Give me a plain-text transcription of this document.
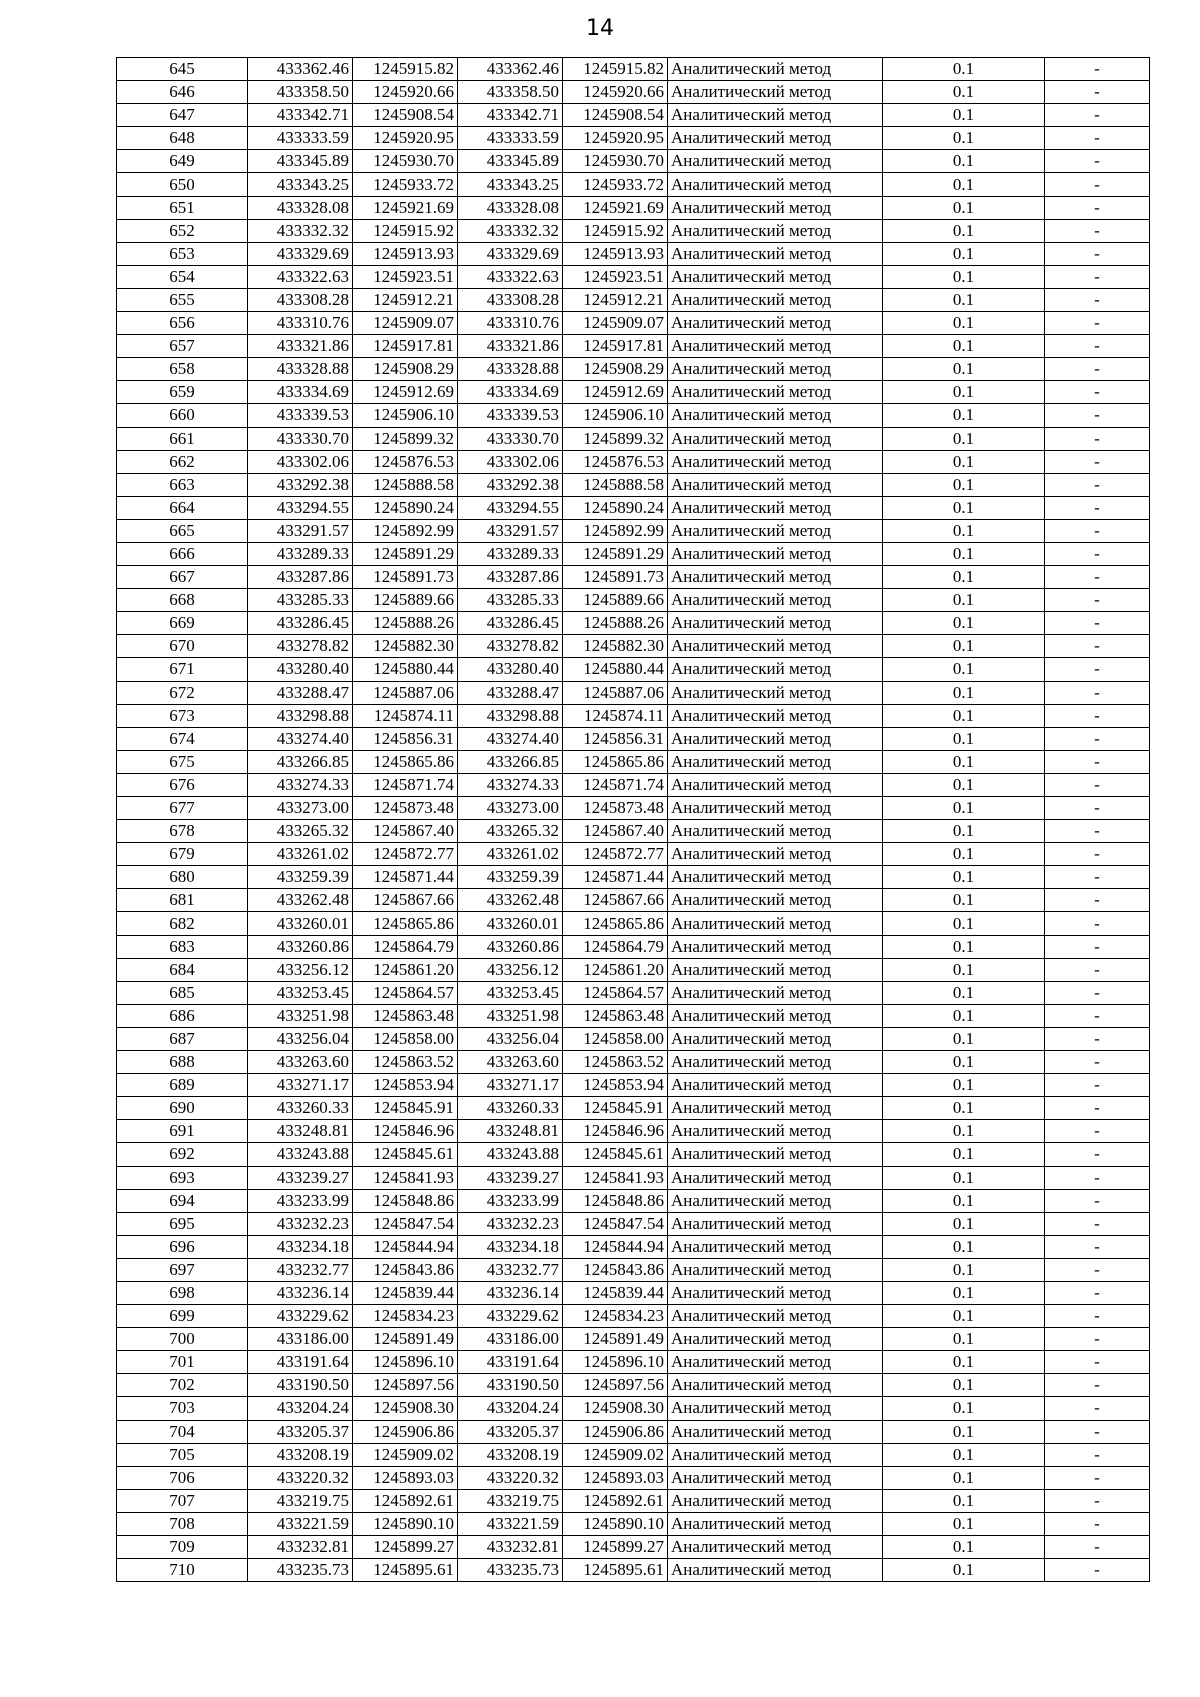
14
645	433362.46	1245915.82	433362.46	1245915.82	Аналитический метод	0.1	-
646	433358.50	1245920.66	433358.50	1245920.66	Аналитический метод	0.1	-
647	433342.71	1245908.54	433342.71	1245908.54	Аналитический метод	0.1	-
648	433333.59	1245920.95	433333.59	1245920.95	Аналитический метод	0.1	-
649	433345.89	1245930.70	433345.89	1245930.70	Аналитический метод	0.1	-
650	433343.25	1245933.72	433343.25	1245933.72	Аналитический метод	0.1	-
651	433328.08	1245921.69	433328.08	1245921.69	Аналитический метод	0.1	-
652	433332.32	1245915.92	433332.32	1245915.92	Аналитический метод	0.1	-
653	433329.69	1245913.93	433329.69	1245913.93	Аналитический метод	0.1	-
654	433322.63	1245923.51	433322.63	1245923.51	Аналитический метод	0.1	-
655	433308.28	1245912.21	433308.28	1245912.21	Аналитический метод	0.1	-
656	433310.76	1245909.07	433310.76	1245909.07	Аналитический метод	0.1	-
657	433321.86	1245917.81	433321.86	1245917.81	Аналитический метод	0.1	-
658	433328.88	1245908.29	433328.88	1245908.29	Аналитический метод	0.1	-
659	433334.69	1245912.69	433334.69	1245912.69	Аналитический метод	0.1	-
660	433339.53	1245906.10	433339.53	1245906.10	Аналитический метод	0.1	-
661	433330.70	1245899.32	433330.70	1245899.32	Аналитический метод	0.1	-
662	433302.06	1245876.53	433302.06	1245876.53	Аналитический метод	0.1	-
663	433292.38	1245888.58	433292.38	1245888.58	Аналитический метод	0.1	-
664	433294.55	1245890.24	433294.55	1245890.24	Аналитический метод	0.1	-
665	433291.57	1245892.99	433291.57	1245892.99	Аналитический метод	0.1	-
666	433289.33	1245891.29	433289.33	1245891.29	Аналитический метод	0.1	-
667	433287.86	1245891.73	433287.86	1245891.73	Аналитический метод	0.1	-
668	433285.33	1245889.66	433285.33	1245889.66	Аналитический метод	0.1	-
669	433286.45	1245888.26	433286.45	1245888.26	Аналитический метод	0.1	-
670	433278.82	1245882.30	433278.82	1245882.30	Аналитический метод	0.1	-
671	433280.40	1245880.44	433280.40	1245880.44	Аналитический метод	0.1	-
672	433288.47	1245887.06	433288.47	1245887.06	Аналитический метод	0.1	-
673	433298.88	1245874.11	433298.88	1245874.11	Аналитический метод	0.1	-
674	433274.40	1245856.31	433274.40	1245856.31	Аналитический метод	0.1	-
675	433266.85	1245865.86	433266.85	1245865.86	Аналитический метод	0.1	-
676	433274.33	1245871.74	433274.33	1245871.74	Аналитический метод	0.1	-
677	433273.00	1245873.48	433273.00	1245873.48	Аналитический метод	0.1	-
678	433265.32	1245867.40	433265.32	1245867.40	Аналитический метод	0.1	-
679	433261.02	1245872.77	433261.02	1245872.77	Аналитический метод	0.1	-
680	433259.39	1245871.44	433259.39	1245871.44	Аналитический метод	0.1	-
681	433262.48	1245867.66	433262.48	1245867.66	Аналитический метод	0.1	-
682	433260.01	1245865.86	433260.01	1245865.86	Аналитический метод	0.1	-
683	433260.86	1245864.79	433260.86	1245864.79	Аналитический метод	0.1	-
684	433256.12	1245861.20	433256.12	1245861.20	Аналитический метод	0.1	-
685	433253.45	1245864.57	433253.45	1245864.57	Аналитический метод	0.1	-
686	433251.98	1245863.48	433251.98	1245863.48	Аналитический метод	0.1	-
687	433256.04	1245858.00	433256.04	1245858.00	Аналитический метод	0.1	-
688	433263.60	1245863.52	433263.60	1245863.52	Аналитический метод	0.1	-
689	433271.17	1245853.94	433271.17	1245853.94	Аналитический метод	0.1	-
690	433260.33	1245845.91	433260.33	1245845.91	Аналитический метод	0.1	-
691	433248.81	1245846.96	433248.81	1245846.96	Аналитический метод	0.1	-
692	433243.88	1245845.61	433243.88	1245845.61	Аналитический метод	0.1	-
693	433239.27	1245841.93	433239.27	1245841.93	Аналитический метод	0.1	-
694	433233.99	1245848.86	433233.99	1245848.86	Аналитический метод	0.1	-
695	433232.23	1245847.54	433232.23	1245847.54	Аналитический метод	0.1	-
696	433234.18	1245844.94	433234.18	1245844.94	Аналитический метод	0.1	-
697	433232.77	1245843.86	433232.77	1245843.86	Аналитический метод	0.1	-
698	433236.14	1245839.44	433236.14	1245839.44	Аналитический метод	0.1	-
699	433229.62	1245834.23	433229.62	1245834.23	Аналитический метод	0.1	-
700	433186.00	1245891.49	433186.00	1245891.49	Аналитический метод	0.1	-
701	433191.64	1245896.10	433191.64	1245896.10	Аналитический метод	0.1	-
702	433190.50	1245897.56	433190.50	1245897.56	Аналитический метод	0.1	-
703	433204.24	1245908.30	433204.24	1245908.30	Аналитический метод	0.1	-
704	433205.37	1245906.86	433205.37	1245906.86	Аналитический метод	0.1	-
705	433208.19	1245909.02	433208.19	1245909.02	Аналитический метод	0.1	-
706	433220.32	1245893.03	433220.32	1245893.03	Аналитический метод	0.1	-
707	433219.75	1245892.61	433219.75	1245892.61	Аналитический метод	0.1	-
708	433221.59	1245890.10	433221.59	1245890.10	Аналитический метод	0.1	-
709	433232.81	1245899.27	433232.81	1245899.27	Аналитический метод	0.1	-
710	433235.73	1245895.61	433235.73	1245895.61	Аналитический метод	0.1	-
